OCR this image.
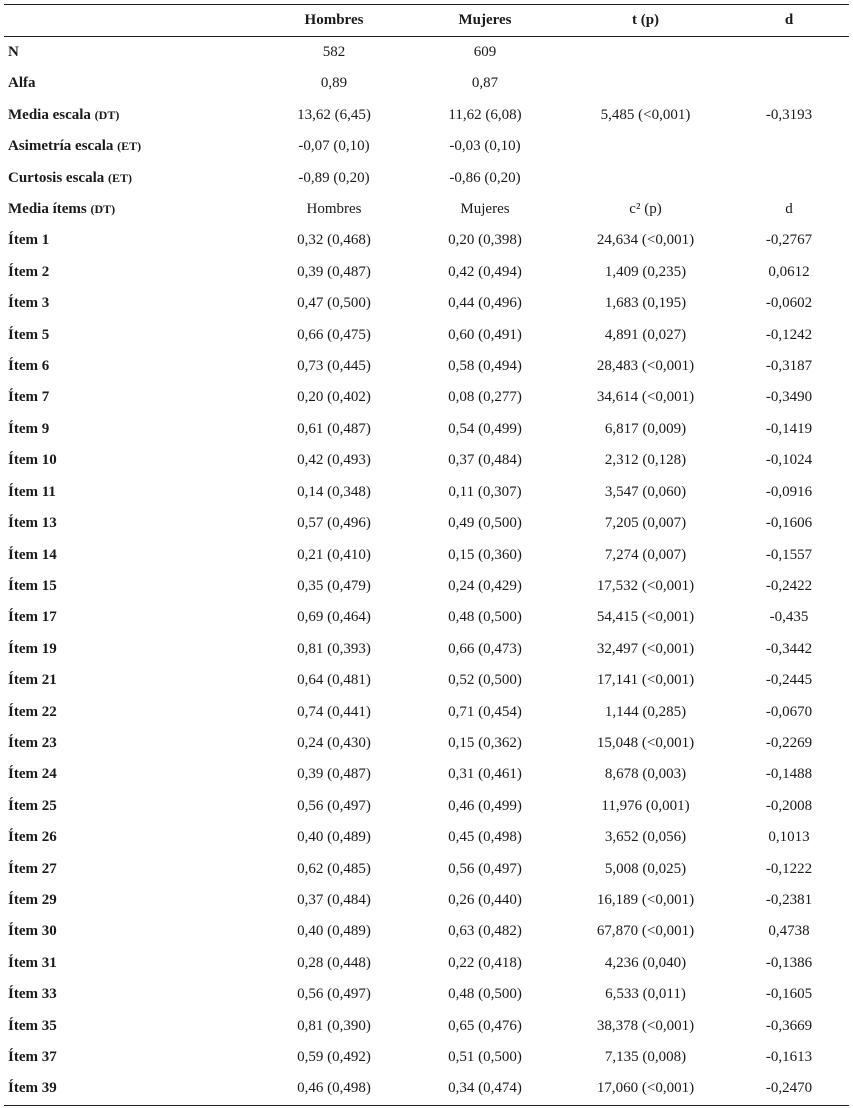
	Hombres	Mujeres	t (p)	d
N	582	609		
Alfa	0,89	0,87		
Media escala (DT)	13,62 (6,45)	11,62 (6,08)	5,485 (<0,001)	-0,3193
Asimetría escala (ET)	-0,07 (0,10)	-0,03 (0,10)		
Curtosis escala (ET)	-0,89 (0,20)	-0,86 (0,20)		
Media ítems (DT)	Hombres	Mujeres	c² (p)	d
Ítem 1	0,32 (0,468)	0,20 (0,398)	24,634 (<0,001)	-0,2767
Ítem 2	0,39 (0,487)	0,42 (0,494)	1,409 (0,235)	0,0612
Ítem 3	0,47 (0,500)	0,44 (0,496)	1,683 (0,195)	-0,0602
Ítem 5	0,66 (0,475)	0,60 (0,491)	4,891 (0,027)	-0,1242
Ítem 6	0,73 (0,445)	0,58 (0,494)	28,483 (<0,001)	-0,3187
Ítem 7	0,20 (0,402)	0,08 (0,277)	34,614 (<0,001)	-0,3490
Ítem 9	0,61 (0,487)	0,54 (0,499)	6,817 (0,009)	-0,1419
Ítem 10	0,42 (0,493)	0,37 (0,484)	2,312 (0,128)	-0,1024
Ítem 11	0,14 (0,348)	0,11 (0,307)	3,547 (0,060)	-0,0916
Ítem 13	0,57 (0,496)	0,49 (0,500)	7,205 (0,007)	-0,1606
Ítem 14	0,21 (0,410)	0,15 (0,360)	7,274 (0,007)	-0,1557
Ítem 15	0,35 (0,479)	0,24 (0,429)	17,532 (<0,001)	-0,2422
Ítem 17	0,69 (0,464)	0,48 (0,500)	54,415 (<0,001)	-0,435
Ítem 19	0,81 (0,393)	0,66 (0,473)	32,497 (<0,001)	-0,3442
Ítem 21	0,64 (0,481)	0,52 (0,500)	17,141 (<0,001)	-0,2445
Ítem 22	0,74 (0,441)	0,71 (0,454)	1,144 (0,285)	-0,0670
Ítem 23	0,24 (0,430)	0,15 (0,362)	15,048 (<0,001)	-0,2269
Ítem 24	0,39 (0,487)	0,31 (0,461)	8,678 (0,003)	-0,1488
Ítem 25	0,56 (0,497)	0,46 (0,499)	11,976 (0,001)	-0,2008
Ítem 26	0,40 (0,489)	0,45 (0,498)	3,652 (0,056)	0,1013
Ítem 27	0,62 (0,485)	0,56 (0,497)	5,008 (0,025)	-0,1222
Ítem 29	0,37 (0,484)	0,26 (0,440)	16,189 (<0,001)	-0,2381
Ítem 30	0,40 (0,489)	0,63 (0,482)	67,870 (<0,001)	0,4738
Ítem 31	0,28 (0,448)	0,22 (0,418)	4,236 (0,040)	-0,1386
Ítem 33	0,56 (0,497)	0,48 (0,500)	6,533 (0,011)	-0,1605
Ítem 35	0,81 (0,390)	0,65 (0,476)	38,378 (<0,001)	-0,3669
Ítem 37	0,59 (0,492)	0,51 (0,500)	7,135 (0,008)	-0,1613
Ítem 39	0,46 (0,498)	0,34 (0,474)	17,060 (<0,001)	-0,2470
